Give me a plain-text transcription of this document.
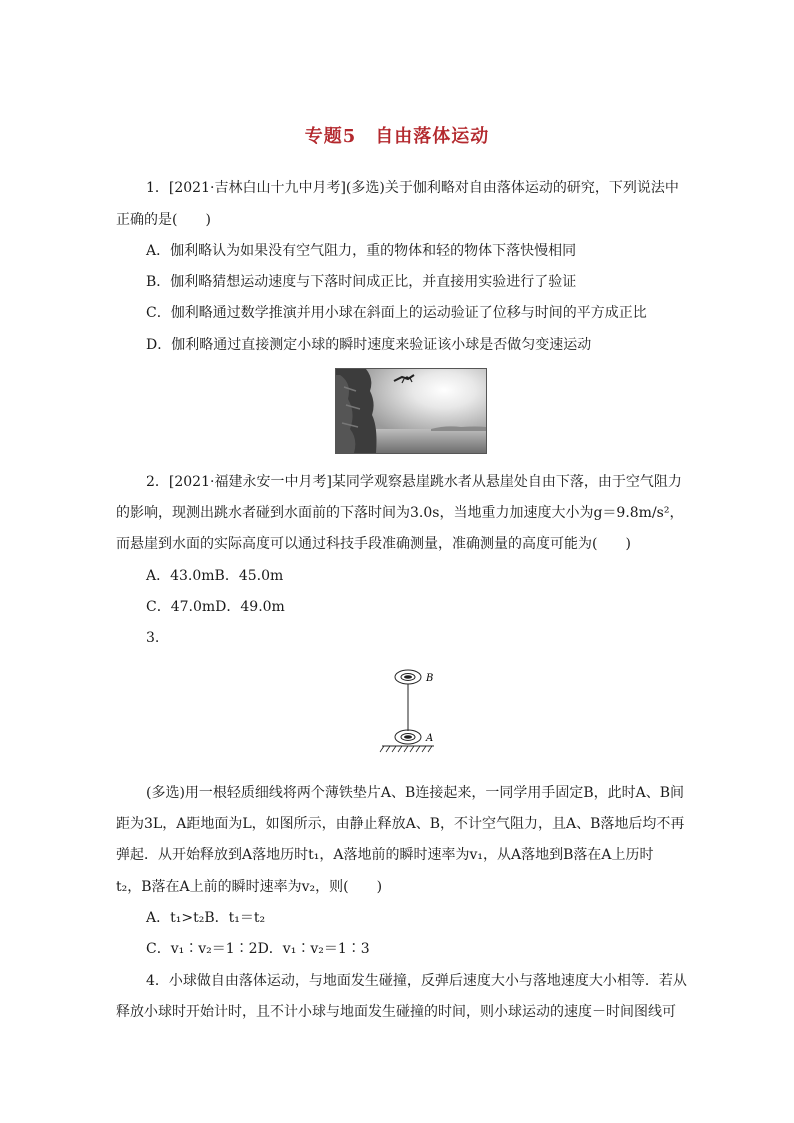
专题5　自由落体运动
1．[2021·吉林白山十九中月考](多选)关于伽利略对自由落体运动的研究，下列说法中
正确的是(　　)
A．伽利略认为如果没有空气阻力，重的物体和轻的物体下落快慢相同
B．伽利略猜想运动速度与下落时间成正比，并直接用实验进行了验证
C．伽利略通过数学推演并用小球在斜面上的运动验证了位移与时间的平方成正比
D．伽利略通过直接测定小球的瞬时速度来验证该小球是否做匀变速运动
2．[2021·福建永安一中月考]某同学观察悬崖跳水者从悬崖处自由下落，由于空气阻力
的影响，现测出跳水者碰到水面前的下落时间为3.0s，当地重力加速度大小为g＝9.8m/s²，
而悬崖到水面的实际高度可以通过科技手段准确测量，准确测量的高度可能为(　　)
A．43.0mB．45.0m
C．47.0mD．49.0m
3.
B
A
(多选)用一根轻质细线将两个薄铁垫片A、B连接起来，一同学用手固定B，此时A、B间
距为3L，A距地面为L，如图所示，由静止释放A、B，不计空气阻力，且A、B落地后均不再
弹起．从开始释放到A落地历时t₁，A落地前的瞬时速率为v₁，从A落地到B落在A上历时
t₂，B落在A上前的瞬时速率为v₂，则(　　)
A．t₁>t₂B．t₁＝t₂
C．v₁∶v₂＝1∶2D．v₁∶v₂＝1∶3
4．小球做自由落体运动，与地面发生碰撞，反弹后速度大小与落地速度大小相等．若从
释放小球时开始计时，且不计小球与地面发生碰撞的时间，则小球运动的速度－时间图线可
